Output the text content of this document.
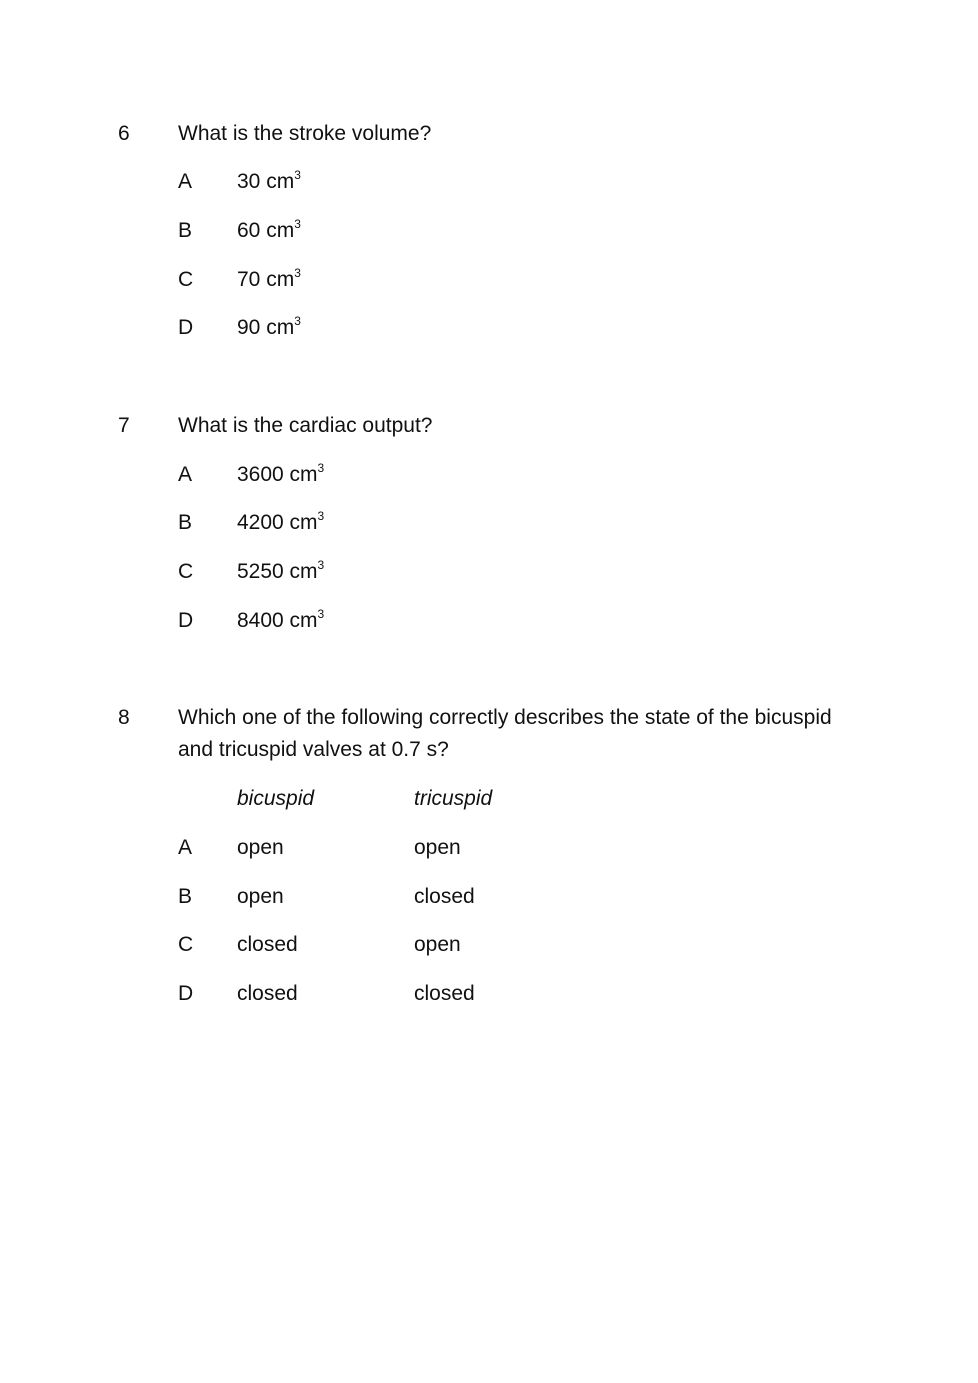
6 What is the stroke volume?
A 30 $cm^3$
B 60 $cm^3$
C 70 $cm^3$
D 90 $cm^3$
7 What is the cardiac output?
A 3600 $cm^3$
B 4200 $cm^3$
C 5250 $cm^3$
D 8400 $cm^3$
8 Which one of the following correctly describes the state of the bicuspid
and tricuspid valves at 0.7 s?
bicuspid	tricuspid
A open	open
B open	closed
C closed	open
D closed	closed
